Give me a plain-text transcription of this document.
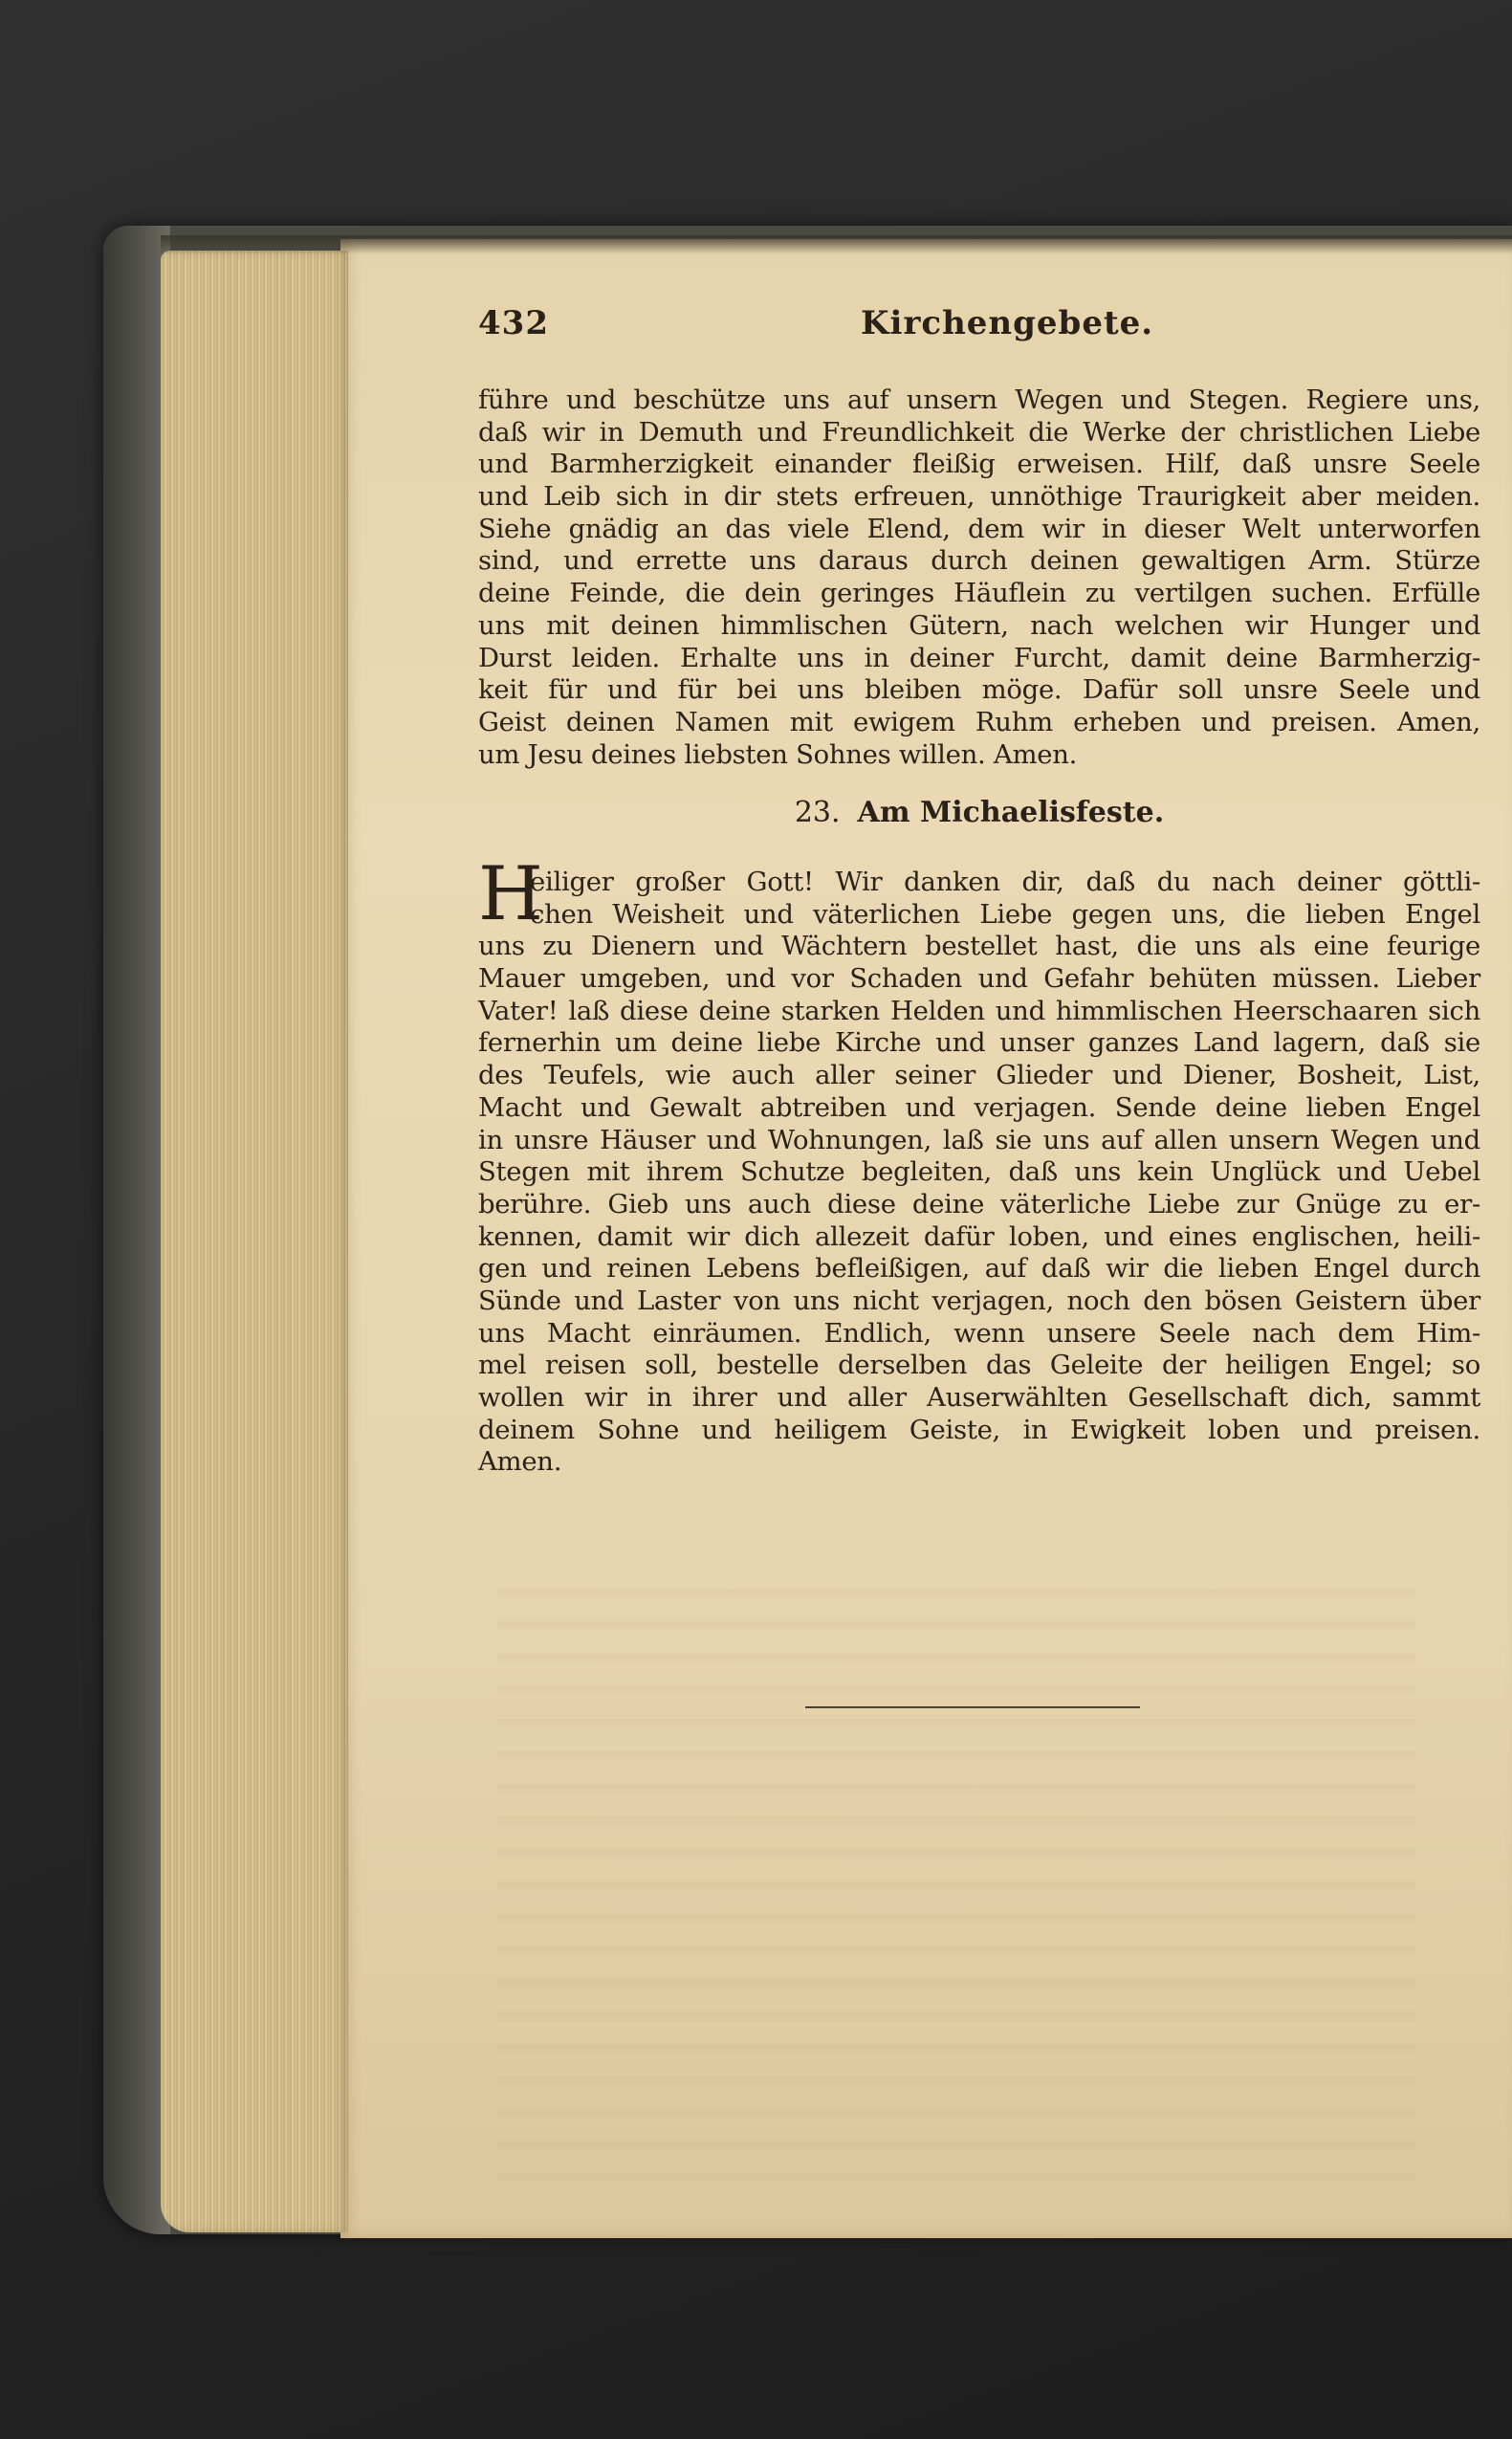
432	Kirchengebete.
führe und beschütze uns auf unsern Wegen und Stegen. Regiere uns,
daß wir in Demuth und Freundlichkeit die Werke der christlichen Liebe
und Barmherzigkeit einander fleißig erweisen. Hilf, daß unsre Seele
und Leib sich in dir stets erfreuen, unnöthige Traurigkeit aber meiden.
Siehe gnädig an das viele Elend, dem wir in dieser Welt unterworfen
sind, und errette uns daraus durch deinen gewaltigen Arm. Stürze
deine Feinde, die dein geringes Häuflein zu vertilgen suchen. Erfülle
uns mit deinen himmlischen Gütern, nach welchen wir Hunger und
Durst leiden. Erhalte uns in deiner Furcht, damit deine Barmherzig-
keit für und für bei uns bleiben möge. Dafür soll unsre Seele und
Geist deinen Namen mit ewigem Ruhm erheben und preisen. Amen,
um Jesu deines liebsten Sohnes willen. Amen.
23. Am Michaelisfeste.
H
eiliger großer Gott! Wir danken dir, daß du nach deiner göttli-
chen Weisheit und väterlichen Liebe gegen uns, die lieben Engel
uns zu Dienern und Wächtern bestellet hast, die uns als eine feurige
Mauer umgeben, und vor Schaden und Gefahr behüten müssen. Lieber
Vater! laß diese deine starken Helden und himmlischen Heerschaaren sich
fernerhin um deine liebe Kirche und unser ganzes Land lagern, daß sie
des Teufels, wie auch aller seiner Glieder und Diener, Bosheit, List,
Macht und Gewalt abtreiben und verjagen. Sende deine lieben Engel
in unsre Häuser und Wohnungen, laß sie uns auf allen unsern Wegen und
Stegen mit ihrem Schutze begleiten, daß uns kein Unglück und Uebel
berühre. Gieb uns auch diese deine väterliche Liebe zur Gnüge zu er-
kennen, damit wir dich allezeit dafür loben, und eines englischen, heili-
gen und reinen Lebens befleißigen, auf daß wir die lieben Engel durch
Sünde und Laster von uns nicht verjagen, noch den bösen Geistern über
uns Macht einräumen. Endlich, wenn unsere Seele nach dem Him-
mel reisen soll, bestelle derselben das Geleite der heiligen Engel; so
wollen wir in ihrer und aller Auserwählten Gesellschaft dich, sammt
deinem Sohne und heiligem Geiste, in Ewigkeit loben und preisen.
Amen.
